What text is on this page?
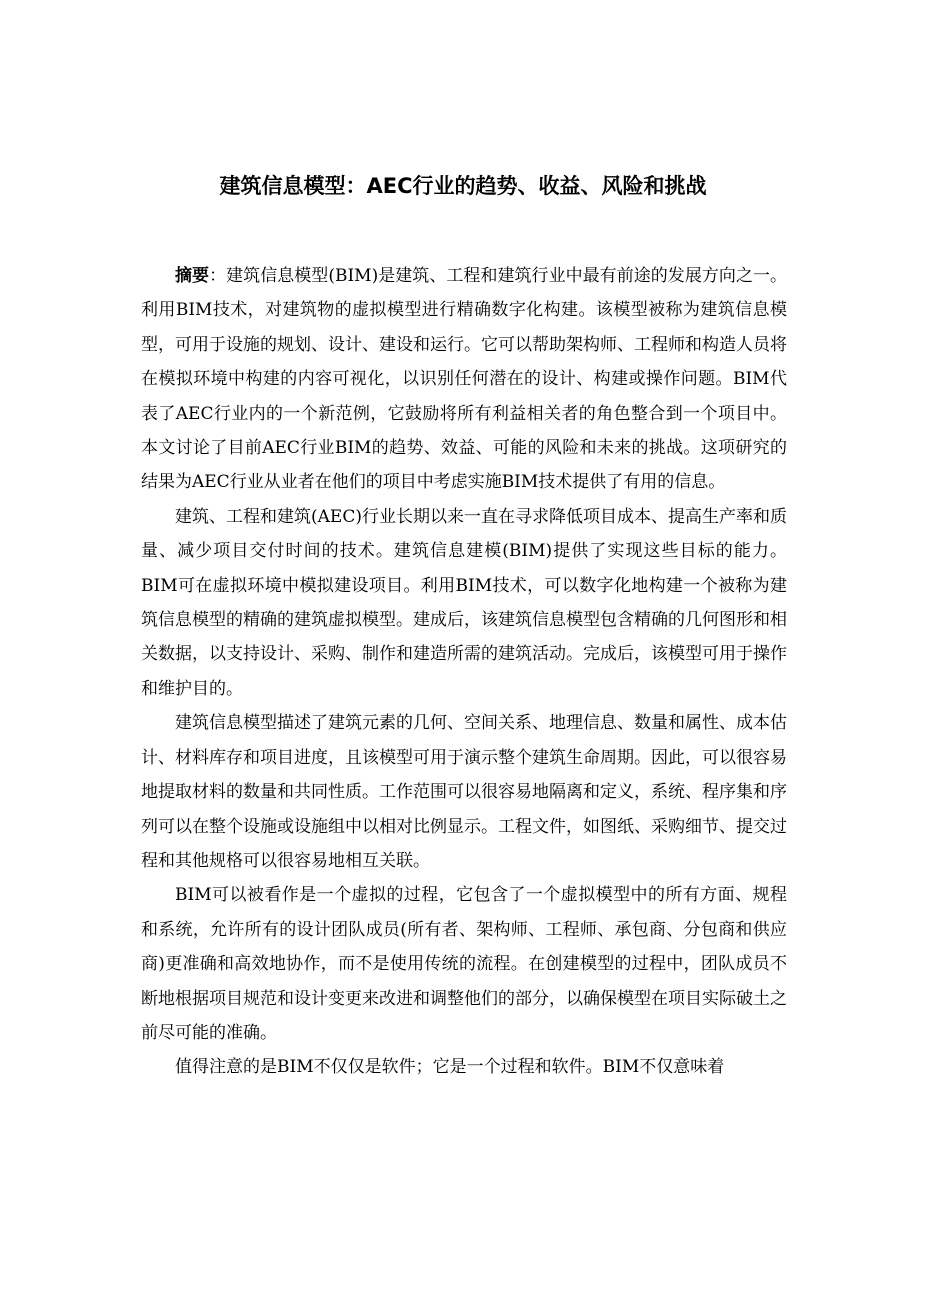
建筑信息模型：AEC行业的趋势、收益、风险和挑战

摘要：建筑信息模型(BIM)是建筑、工程和建筑行业中最有前途的发展方向之一。利用BIM技术，对建筑物的虚拟模型进行精确数字化构建。该模型被称为建筑信息模型，可用于设施的规划、设计、建设和运行。它可以帮助架构师、工程师和构造人员将在模拟环境中构建的内容可视化，以识别任何潜在的设计、构建或操作问题。BIM代表了AEC行业内的一个新范例，它鼓励将所有利益相关者的角色整合到一个项目中。本文讨论了目前AEC行业BIM的趋势、效益、可能的风险和未来的挑战。这项研究的结果为AEC行业从业者在他们的项目中考虑实施BIM技术提供了有用的信息。

建筑、工程和建筑(AEC)行业长期以来一直在寻求降低项目成本、提高生产率和质量、减少项目交付时间的技术。建筑信息建模(BIM)提供了实现这些目标的能力。BIM可在虚拟环境中模拟建设项目。利用BIM技术，可以数字化地构建一个被称为建筑信息模型的精确的建筑虚拟模型。建成后，该建筑信息模型包含精确的几何图形和相关数据，以支持设计、采购、制作和建造所需的建筑活动。完成后，该模型可用于操作和维护目的。

建筑信息模型描述了建筑元素的几何、空间关系、地理信息、数量和属性、成本估计、材料库存和项目进度，且该模型可用于演示整个建筑生命周期。因此，可以很容易地提取材料的数量和共同性质。工作范围可以很容易地隔离和定义，系统、程序集和序列可以在整个设施或设施组中以相对比例显示。工程文件，如图纸、采购细节、提交过程和其他规格可以很容易地相互关联。

BIM可以被看作是一个虚拟的过程，它包含了一个虚拟模型中的所有方面、规程和系统，允许所有的设计团队成员(所有者、架构师、工程师、承包商、分包商和供应商)更准确和高效地协作，而不是使用传统的流程。在创建模型的过程中，团队成员不断地根据项目规范和设计变更来改进和调整他们的部分，以确保模型在项目实际破土之前尽可能的准确。

值得注意的是BIM不仅仅是软件；它是一个过程和软件。BIM不仅意味着
